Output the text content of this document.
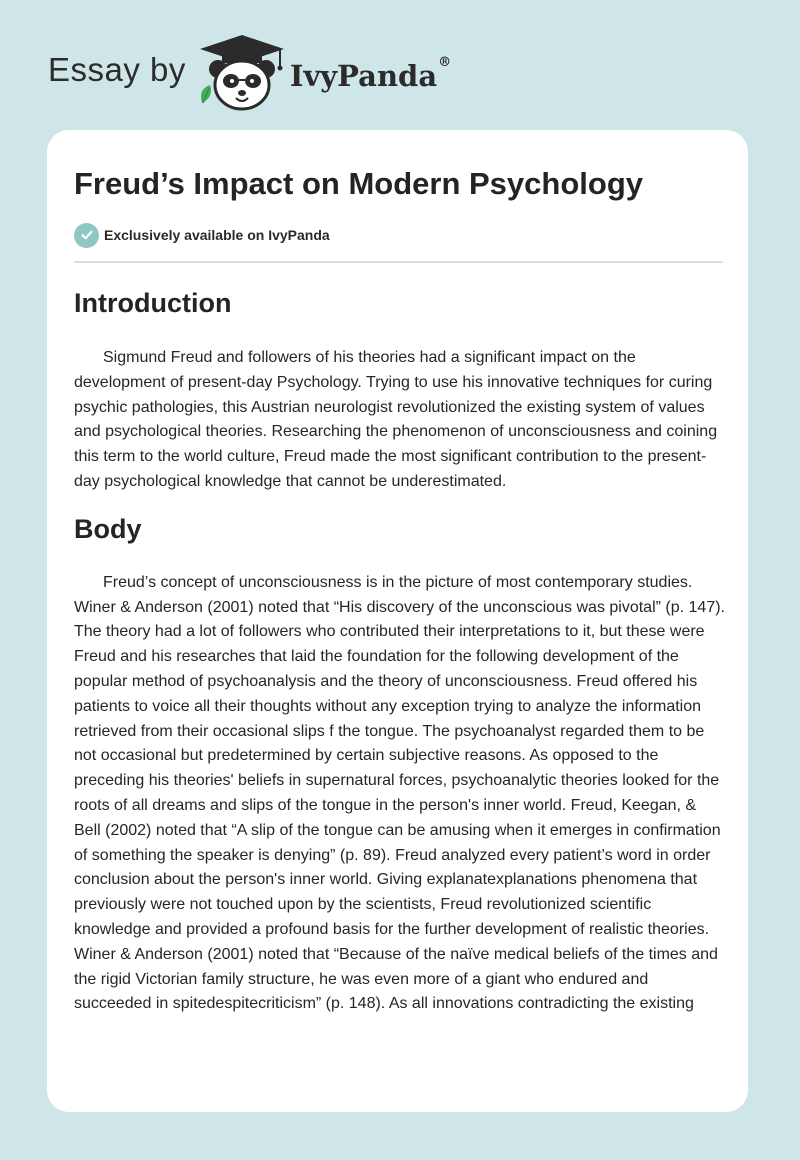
Essay by	IvyPanda®
Freud’s Impact on Modern Psychology
Exclusively available on IvyPanda
Introduction

Sigmund Freud and followers of his theories had a significant impact on the development of present-day Psychology. Trying to use his innovative techniques for curing psychic pathologies, this Austrian neurologist revolutionized the existing system of values and psychological theories. Researching the phenomenon of unconsciousness and coining this term to the world culture, Freud made the most significant contribution to the present-day psychological knowledge that cannot be underestimated.

Body

Freud’s concept of unconsciousness is in the picture of most contemporary studies. Winer & Anderson (2001) noted that “His discovery of the unconscious was pivotal” (p. 147). The theory had a lot of followers who contributed their interpretations to it, but these were Freud and his researches that laid the foundation for the following development of the popular method of psychoanalysis and the theory of unconsciousness. Freud offered his patients to voice all their thoughts without any exception trying to analyze the information retrieved from their occasional slips f the tongue. The psychoanalyst regarded them to be not occasional but predetermined by certain subjective reasons. As opposed to the preceding his theories' beliefs in supernatural forces, psychoanalytic theories looked for the roots of all dreams and slips of the tongue in the person's inner world. Freud, Keegan, & Bell (2002) noted that “A slip of the tongue can be amusing when it emerges in confirmation of something the speaker is denying” (p. 89). Freud analyzed every patient’s word in order conclusion about the person's inner world. Giving explanatexplanations phenomena that previously were not touched upon by the scientists, Freud revolutionized scientific knowledge and provided a profound basis for the further development of realistic theories. Winer & Anderson (2001) noted that “Because of the naïve medical beliefs of the times and the rigid Victorian family structure, he was even more of a giant who endured and succeeded in spitedespitecriticism” (p. 148). As all innovations contradicting the existing
